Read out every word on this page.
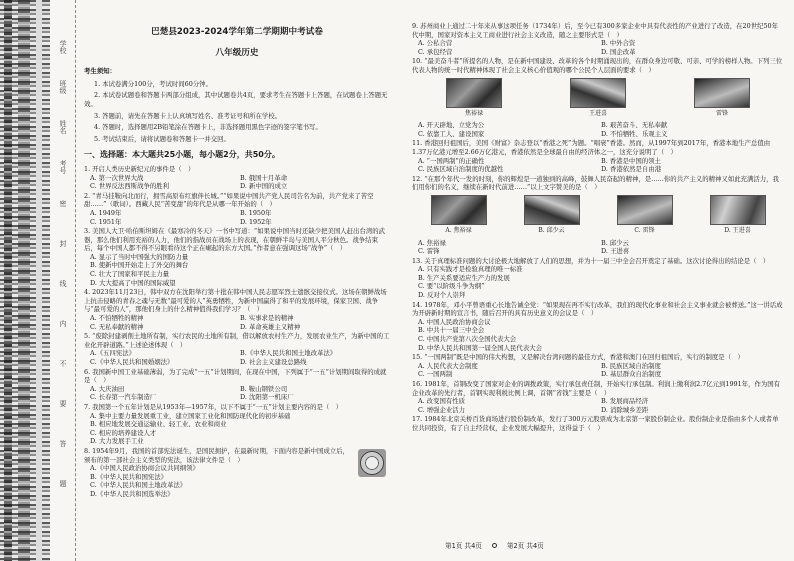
学校
班级
姓名
考号
密
封
线
内
不
要
答
题
巴楚县2023-2024学年第二学期期中考试卷
八年级历史
考生须知：
1. 本试卷满分100分，考试时间60分钟。
2. 本试卷试题卷和答题卡两部分组成，其中试题卷共4页，要求考生在答题卡上答题，在试题卷上答题无效。
3. 答题前，请先在答题卡上认真填写姓名、准考证号和所在学校。
4. 答题时，选择题用2B铅笔涂在答题卡上，非选择题用黑色字迹的签字笔书写。
5. 考试结束后，请将试题卷和答题卡一并交回。
一、选择题：本大题共25小题，每小题2分，共50分。
1. 开启人类历史新纪元的事件是（　）
A. 第一次世界大战	B. 俄国十月革命
C. 世界反法西斯战争的胜利	D. 新中国的成立
2. “青马挂鞍向北而行，拥雪高原布红旗伴长城。”“如果说中国共产党人民司告名为前，共产党来了苦空甜……”（歌词）。西藏人民“苦变甜”的年代是从哪一年开始的（　）
A. 1949年	B. 1950年
C. 1951年	D. 1952年
3. 美国人大卫·哈伯斯坦姆在《最寒冷的冬天》一书中写道：“如果说中国当时还缺少把美国人赶出台湾的武器，那么他们利用充裕的人力，他们的指战员在战场上的表现，在朝鲜半岛与美国人平分秋色。战争结束后，每个中国人都不得不另眼看待这个正在崛起的东方大国。”作者意在强调这场“战争”（　）
A. 显示了当时中国强大的国防力量
B. 使新中国开始走上了外交的舞台
C. 壮大了国家和平民主力量
D. 大大提高了中国的国际威望
4. 2023年11月23日，韩中双方在沈阳举行第十批在韩中国人民志愿军烈士遗骸交接仪式。这场在朝鲜战场上抗击侵略的青春之魂与无数“最可爱的人”英勇牺牲，为新中国赢得了和平的发展环境，保家卫国、战争与“最可爱的人”，那他们身上的什么精神值得我们学习？（　）
A. 不怕牺牲的精神	B. 实事求是的精神
C. 无私奉献的精神	D. 革命英雄主义精神
5. “废除封建剥削土地所有制，实行农民的土地所有制，借以解放农村生产力，发展农业生产，为新中国的工业化开辟道路。”上述论述体现（　）
A.《五四宪法》	B.《中华人民共和国土地改革法》
C.《中华人民共和国婚姻法》	D. 社会主义建设总路线
6. 我国新中国工业基础薄弱，为了完成“一五”计划期间，在现在中国，下列属于“一五”计划期间取得的成就是（　）
A. 大庆油田	B. 鞍山钢铁公司
C. 长春第一汽车制造厂	D. 沈阳第一机床厂
7. 我国第一个五年计划是从1953年—1957年，以下不属于“一五”计划主要内容的是（　）
A. 集中主要力量发展重工业，建立国家工业化和国防现代化的初步基础
B. 相应地发展交通运输业、轻工业、农业和商业
C. 相应的培养建设人才
D. 大力发展手工业
8. 1954年9月，我国的首部宪法诞生，是国民拥护，在最新时期，下面内容是新中国成立后，颁布的第一部社会主义类型的宪法，该法律文件是（　）
A.《中国人民政治协商会议共同纲领》
B.《中华人民共和国宪法》
C.《中华人民共和国土地改革法》
D.《中华人民共和国选举法》
9. 苏州商业上通过二十年来从事这项任务（1734年）后，至今已有300多家企业中具有代表性的产业进行了改造，在20世纪50年代中期，国家对资本主义工商业进行社会主义改造，随之主要形式是（　）
A. 公私合营	B. 中外合资
C. 承包经营	D. 国企改革
10. “最美奋斗者”所提名的人物，是在新中国建设、改革的各个时期涌现出的，在群众身边可敬、可亲、可学的榜样人物。下列三位代表人物的统一时代精神体现了社会主义核心价值观的哪个公民个人层面的要求（　）
焦裕禄	王进喜	雷锋
A. 开天辟地、立党为公	B. 艰苦奋斗、无私奉献
C. 依靠工人、建设国家	D. 不怕牺牲、乐观主义
11. 香港回归祖国后，美国《财富》杂志登以“香港之死”为题。“唱衰”香港。然而，从1997年到2017年，香港本地生产总值由1.37万亿港元增至2.66万亿港元，香港依然是全球最自由的经济体之一，这充分说明了（　）
A. “一国两制”的正确性	B. 香港是中国的领土
C. 民族区域自治制度的优越性	D. 香港依然是自由港
12. “在那个年代一发的时刻，你的辉煌是一道独到的高峰，鼓舞人民奋起的精神，是……你的共产主义的精神又如此充满活力，我们用你们的名义，继续在新时代前进……”以上文字赞美的是（　）
A. 焦裕禄	B. 邱少云	C. 雷锋	D. 王进喜
A. 焦裕禄	B. 邱少云
C. 雷锋	D. 王进喜
13. 关于真理标准问题的大讨论极大地解放了人们的思想，并为十一届三中全会召开奠定了基础。这次讨论得出的结论是（　）
A. 只有实践才是检验真理的唯一标准
B. 生产关系要适应生产力的发展
C. 要“以阶级斗争为纲”
D. 反对个人崇拜
14. 1978年，邓小平曾语重心长地告诫全党：“如果现在再不实行改革，我们的现代化事业和社会主义事业就会被葬送。”这一讲话成为开辟新时期的宣言书，随后召开的具有历史意义的会议是（　）
A. 中国人民政治协商会议
B. 中共十一届三中全会
C. 中国共产党第八次全国代表大会
D. 中华人民共和国第一届全国人民代表大会
15. “一国两制”既是中国的伟大构想，又是解决台湾问题的最佳方式，香港和澳门在回归祖国后，实行的制度是（　）
A. 人民代表大会制度	B. 民族区域自治制度
C. 一国两制	D. 基层群众自治制度
16. 1981年，首钢改变了国家对企业的调拨政策，实行承包责任制，开始实行承包制。利润上缴利润2.7亿元到1991年，作为国有企业改革的先行者，首钢实现利税比例上调，首钢“省钱”主要是（　）
A. 改变国有性质	B. 发展商品经济
C. 增强企业活力	D. 消除城乡差距
17. 1984年北京关桥百货商场进行股份制改革，发行了300万元股票成为北京第一家股份制企业。股份制企业是指由多个人或者单位共同投资，有了自主经营权，企业发展大幅提升，这得益于（　）
第1页 共4页	第2页 共4页
